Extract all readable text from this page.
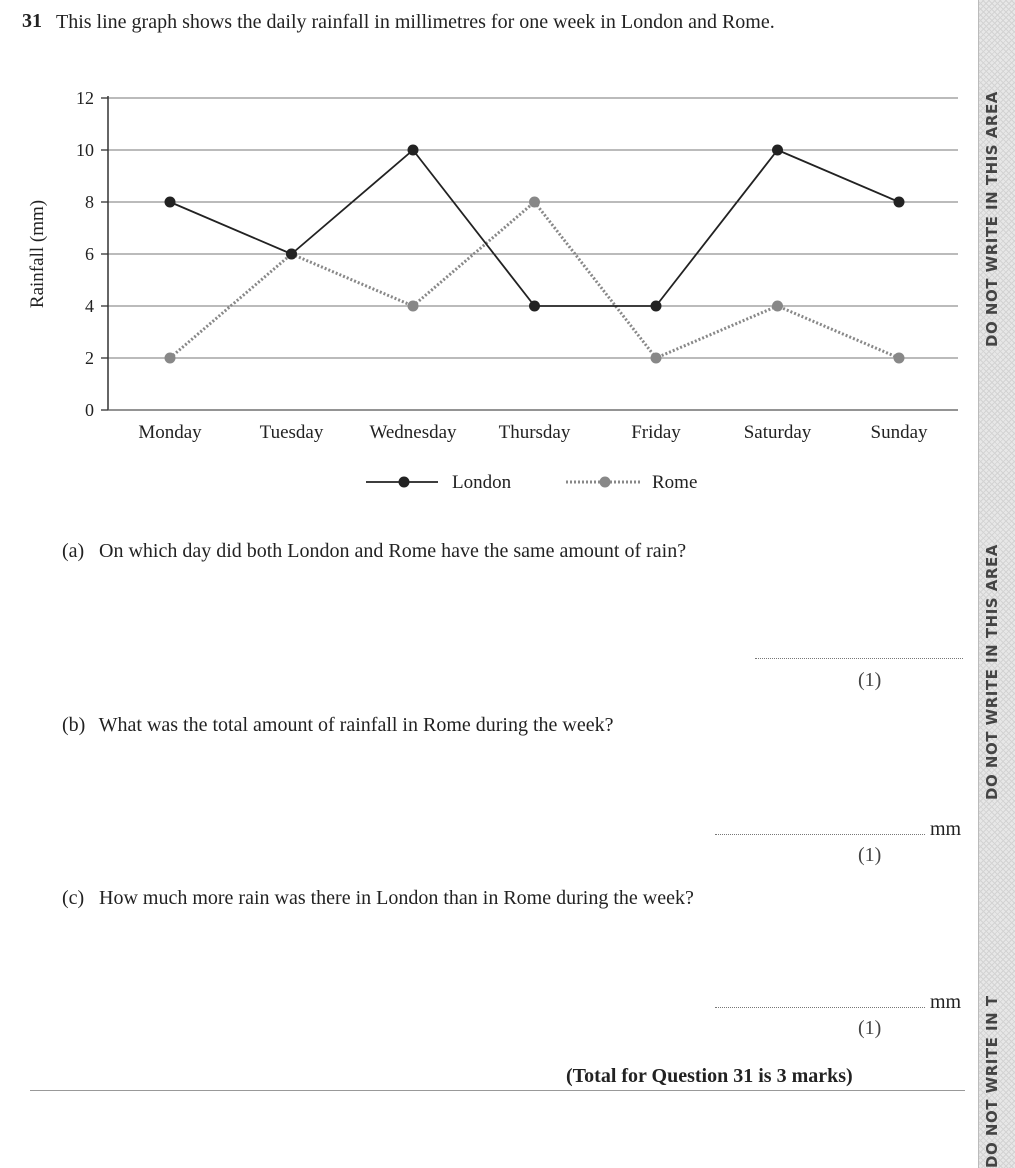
31 This line graph shows the daily rainfall in millimetres for one week in London and Rome.
0
2
4
6
8
10
12
Rainfall (mm)
Monday	Tuesday Wednesday Thursday	Friday	Saturday	Sunday
London	Rome
(a) On which day did both London and Rome have the same amount of rain?
(1)
(b) What was the total amount of rainfall in Rome during the week?
mm
(1)
(c) How much more rain was there in London than in Rome during the week?
mm
(1)
(Total for Question 31 is 3 marks)
DO NOT WRITE IN THIS AREA
DO NOT WRITE IN THIS AREA
DO NOT WRITE IN T
